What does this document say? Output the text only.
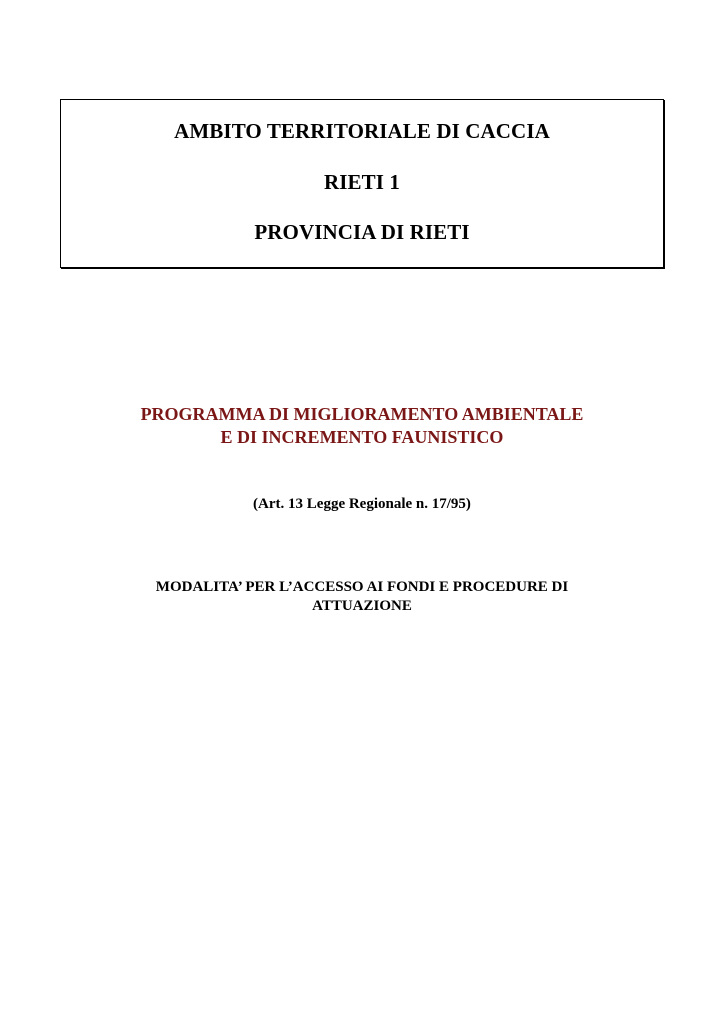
AMBITO TERRITORIALE DI CACCIA
RIETI 1
PROVINCIA DI RIETI
PROGRAMMA DI MIGLIORAMENTO AMBIENTALE
E DI INCREMENTO FAUNISTICO
(Art. 13 Legge Regionale n. 17/95)
MODALITA’ PER L’ACCESSO AI FONDI E PROCEDURE DI
ATTUAZIONE
